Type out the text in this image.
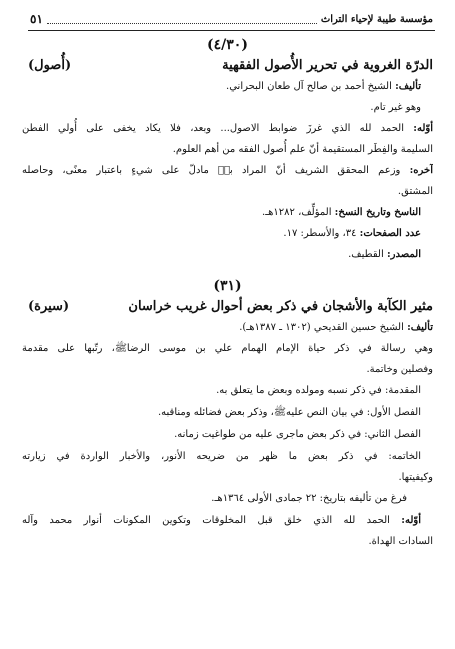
مؤسسة طيبة لإحياء التراث
٥١
(٤/٣٠)
الدرّة الغروية في تحرير الأُصول الفقهية
(أُصول)
تأليف: الشيخ أحمد بن صالح آل طعان البحراني.
وهو غير تام.
أوّله: الحمد لله الذي غرزَ ضوابط الاصول... وبعد، فلا يكاد يخفى على أُولي الفطن
السليمة والفِطَر المستقيمة أنّ علم أُصول الفقه من أهم العلوم.
آخره: وزعم المحقق الشريف أنّ المراد بهٖ مادلّ على شيءٍ باعتبار معنًى، وحاصله
المشتق.
الناسخ وتاريخ النسخ: المؤلِّف، ١٢٨٢هـ.
عدد الصفحات: ٣٤، والأسطر: ١٧.
المصدر: القطيف.
(٣١)
مثير الكآبة والأشجان في ذكر بعض أحوال غريب خراسان
(سيرة)
تأليف: الشيخ حسين القديحي (١٣٠٢ ـ ١٣٨٧هـ).
وهي رسالة في ذكر حياة الإمام الهمام علي بن موسى الرضاﷺ، رتّبها على مقدمة
وفصلين وخاتمة.
المقدمة: في ذكر نسبه ومولده وبعض ما يتعلق به.
الفصل الأول: في بيان النص عليهﷺ، وذكر بعض فضائله ومناقبه.
الفصل الثاني: في ذكر بعض ماجرى عليه من طواغيت زمانه.
الخاتمه: في ذكر بعض ما ظهر من ضريحه الأنور، والأخبار الواردة في زيارته
وكيفيتها.
فرغ من تأليفه بتاريخ: ٢٢ جمادى الأولى ١٣٦٤هـ.
أوّله: الحمد لله الذي خلق قبل المخلوقات وتكوين المكونات أنوار محمد وآله
السادات الهداة.
